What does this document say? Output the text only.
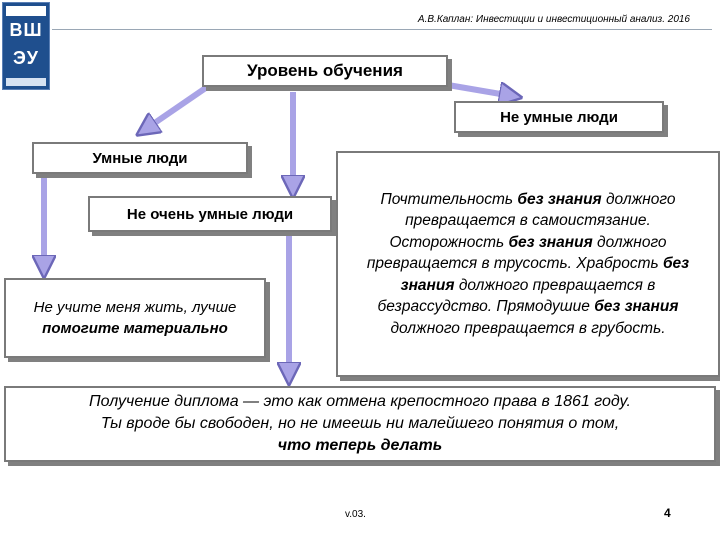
ВШ
ЭУ
А.В.Каплан: Инвестиции и инвестиционный анализ. 2016
Уровень обучения
Не умные люди
Умные люди
Не очень умные люди
Не учите меня жить, лучше помогите материально
Почтительность без знания должного превращается в самоистязание. Осторожность без знания должного превращается в трусость. Храбрость без знания должного превращается в безрассудство. Прямодушие без знания должного превращается в грубость.
Получение диплома — это как отмена крепостного права в 1861 году.
Ты вроде бы свободен, но не имеешь ни малейшего понятия о том,
что теперь делать
v.03.	4
